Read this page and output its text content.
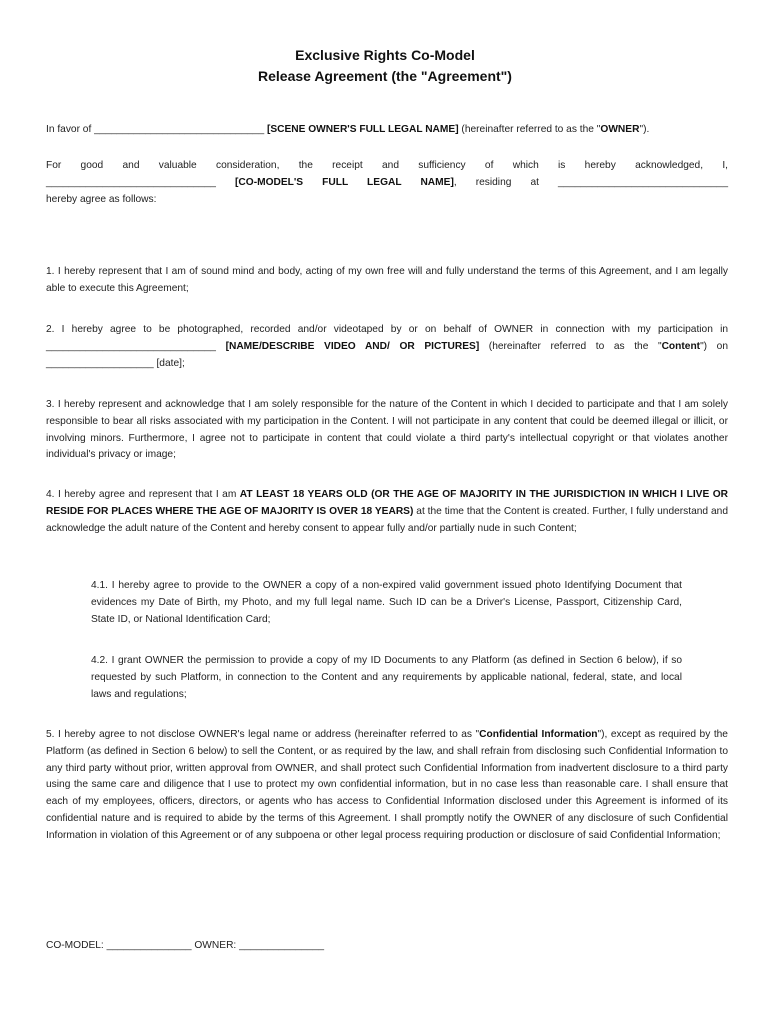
Exclusive Rights Co-Model
Release Agreement (the "Agreement")
In favor of ______________________________ [SCENE OWNER'S FULL LEGAL NAME] (hereinafter referred to as the "OWNER").
For good and valuable consideration, the receipt and sufficiency of which is hereby acknowledged, I,
______________________________ [CO-MODEL'S FULL LEGAL NAME], residing at ______________________________
hereby agree as follows:
1. I hereby represent that I am of sound mind and body, acting of my own free will and fully understand the terms of this Agreement, and I am legally able to execute this Agreement;
2. I hereby agree to be photographed, recorded and/or videotaped by or on behalf of OWNER in connection with my participation in ______________________________ [NAME/DESCRIBE VIDEO AND/ OR PICTURES] (hereinafter referred to as the "Content") on ___________________ [date];
3. I hereby represent and acknowledge that I am solely responsible for the nature of the Content in which I decided to participate and that I am solely responsible to bear all risks associated with my participation in the Content. I will not participate in any content that could be deemed illegal or illicit, or involving minors. Furthermore, I agree not to participate in content that could violate a third party's intellectual copyright or that violates another individual's privacy or image;
4. I hereby agree and represent that I am AT LEAST 18 YEARS OLD (OR THE AGE OF MAJORITY IN THE JURISDICTION IN WHICH I LIVE OR RESIDE FOR PLACES WHERE THE AGE OF MAJORITY IS OVER 18 YEARS) at the time that the Content is created. Further, I fully understand and acknowledge the adult nature of the Content and hereby consent to appear fully and/or partially nude in such Content;
4.1. I hereby agree to provide to the OWNER a copy of a non-expired valid government issued photo Identifying Document that evidences my Date of Birth, my Photo, and my full legal name. Such ID can be a Driver's License, Passport, Citizenship Card, State ID, or National Identification Card;
4.2. I grant OWNER the permission to provide a copy of my ID Documents to any Platform (as defined in Section 6 below), if so requested by such Platform, in connection to the Content and any requirements by applicable national, federal, state, and local laws and regulations;
5. I hereby agree to not disclose OWNER's legal name or address (hereinafter referred to as "Confidential Information"), except as required by the Platform (as defined in Section 6 below) to sell the Content, or as required by the law, and shall refrain from disclosing such Confidential Information to any third party without prior, written approval from OWNER, and shall protect such Confidential Information from inadvertent disclosure to a third party using the same care and diligence that I use to protect my own confidential information, but in no case less than reasonable care. I shall ensure that each of my employees, officers, directors, or agents who has access to Confidential Information disclosed under this Agreement is informed of its confidential nature and is required to abide by the terms of this Agreement. I shall promptly notify the OWNER of any disclosure of such Confidential Information in violation of this Agreement or of any subpoena or other legal process requiring production or disclosure of said Confidential Information;
CO-MODEL: _______________ OWNER: _______________
